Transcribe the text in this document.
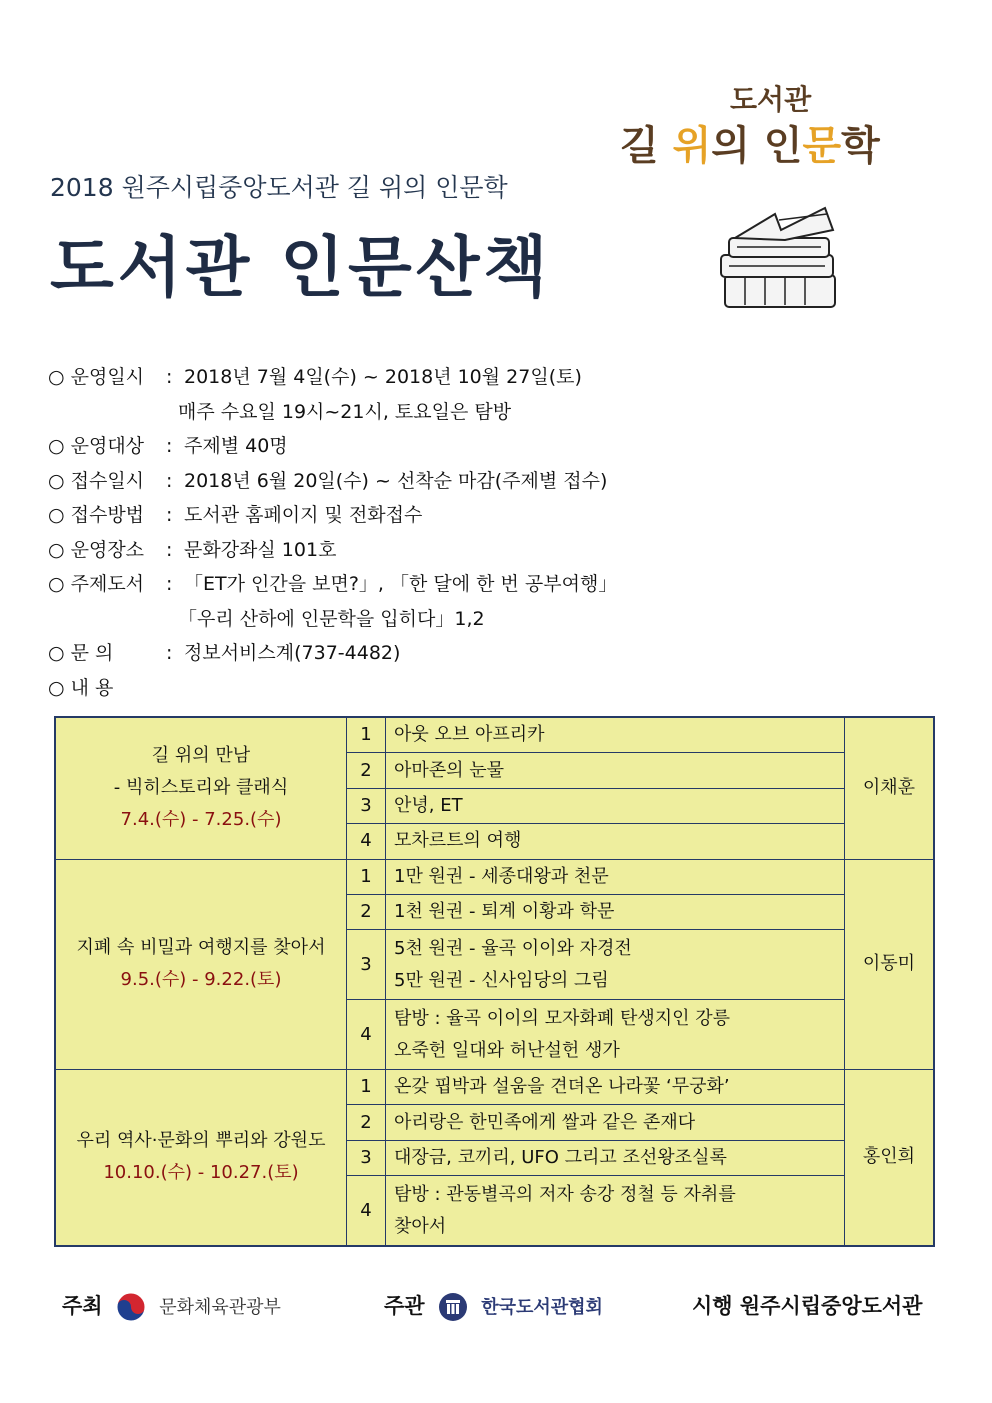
도서관
길 위의 인문학
2018 원주시립중앙도서관 길 위의 인문학
도서관 인문산책
○ 운영일시 : 2018년 7월 4일(수) ~ 2018년 10월 27일(토)
매주 수요일 19시~21시, 토요일은 탐방
○ 운영대상 : 주제별 40명
○ 접수일시 : 2018년 6월 20일(수) ~ 선착순 마감(주제별 접수)
○ 접수방법 : 도서관 홈페이지 및 전화접수
○ 운영장소 : 문화강좌실 101호
○ 주제도서 : 「ET가 인간을 보면?」, 「한 달에 한 번 공부여행」
「우리 산하에 인문학을 입히다」1,2
○ 문 의	: 정보서비스계(737-4482)
○ 내 용
길 위의 만남
- 빅히스토리와 클래식
7.4.(수) - 7.25.(수)	1	아웃 오브 아프리카	이채훈
	2	아마존의 눈물	
	3	안녕, ET	
	4	모차르트의 여행	

지폐 속 비밀과 여행지를 찾아서
9.5.(수) - 9.22.(토)	1	1만 원권 - 세종대왕과 천문	이동미
	2	1천 원권 - 퇴계 이황과 학문	
	3	5천 원권 - 율곡 이이와 자경전
5만 원권 - 신사임당의 그림	

	4	탐방 : 율곡 이이의 모자화폐 탄생지인 강릉
오죽헌 일대와 허난설헌 생가	

우리 역사·문화의 뿌리와 강원도
10.10.(수) - 10.27.(토)	1	온갖 핍박과 설움을 견뎌온 나라꽃 ‘무궁화’	홍인희
	2	아리랑은 한민족에게 쌀과 같은 존재다	
	3	대장금, 코끼리, UFO 그리고 조선왕조실록	
	4	탐방 : 관동별곡의 저자 송강 정철 등 자취를
찾아서	
주최	문화체육관광부	주관	한국도서관협회	시행 원주시립중앙도서관
